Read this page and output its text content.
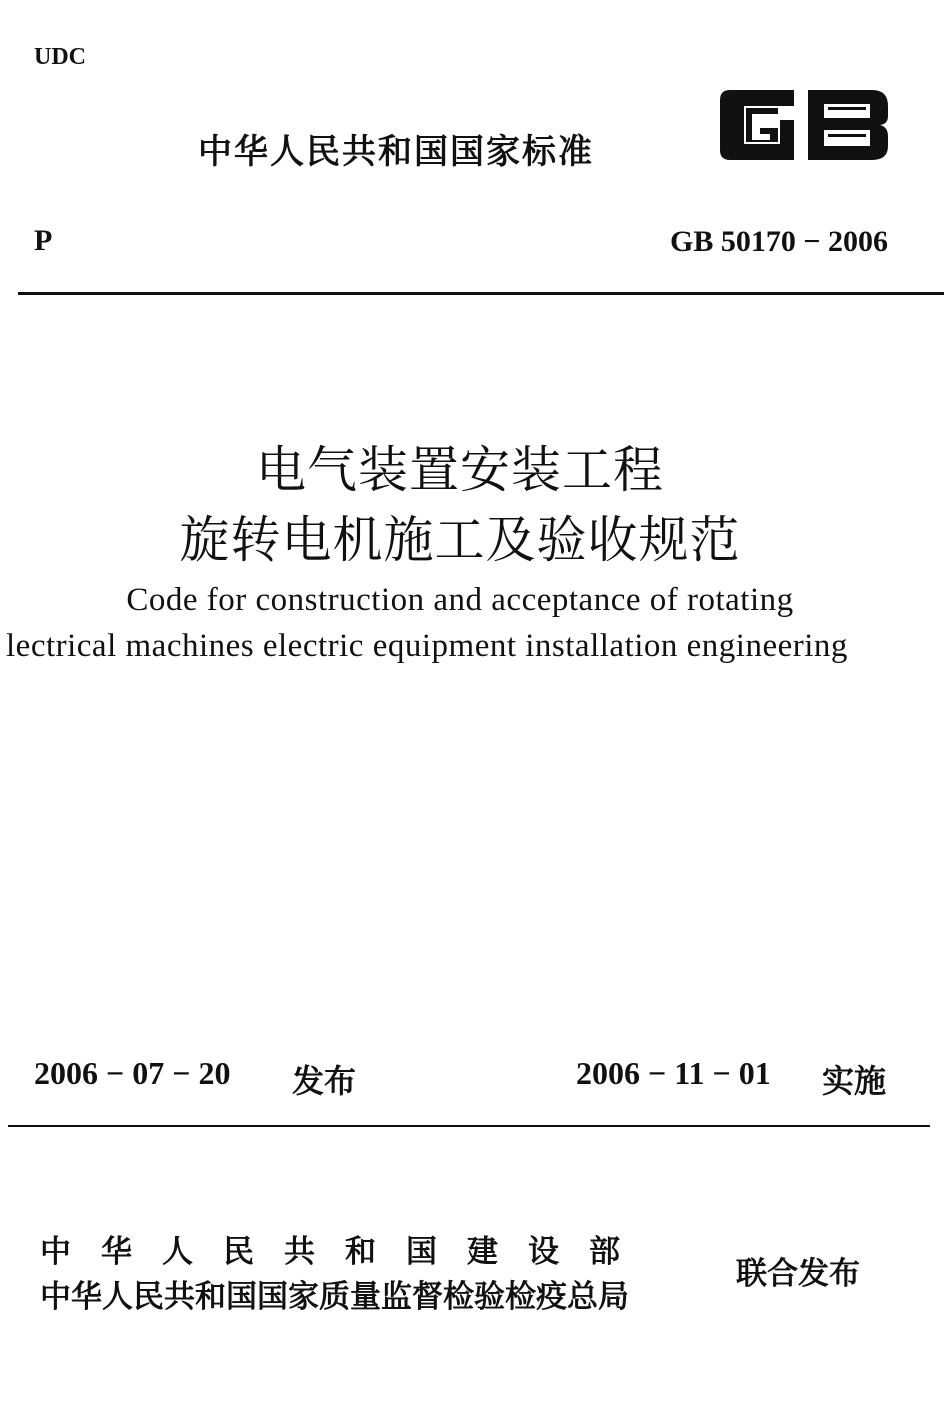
UDC
中华人民共和国国家标准
P	GB 50170 − 2006
电气装置安装工程
旋转电机施工及验收规范
Code for construction and acceptance of rotating
lectrical machines electric equipment installation engineering
2006 − 07 − 20 发布	2006 − 11 − 01 实施
中华人民共和国建设部
中华人民共和国国家质量监督检验检疫总局
联合发布
